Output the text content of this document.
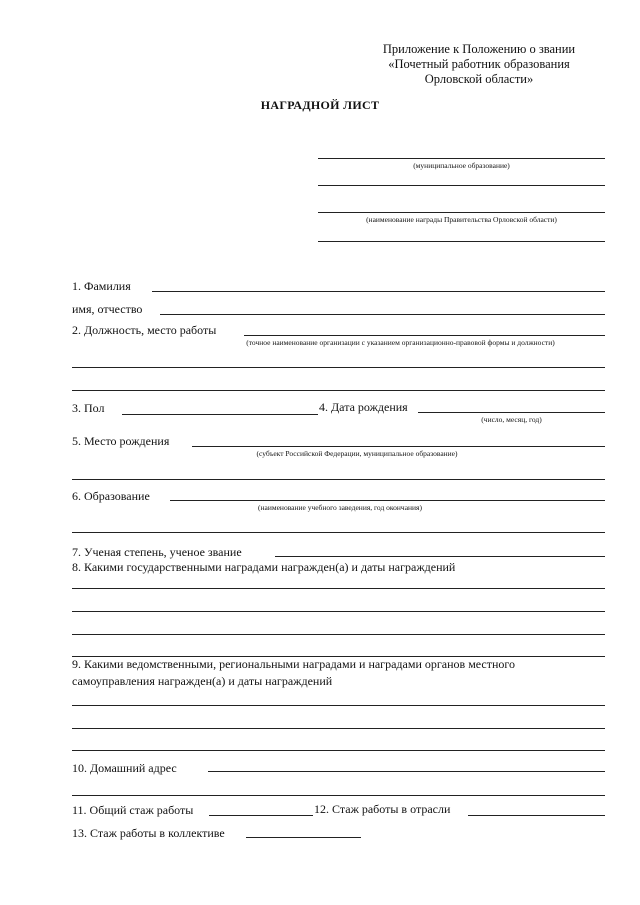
Приложение к Положению о звании
«Почетный работник образования
Орловской области»
НАГРАДНОЙ ЛИСТ
(муниципальное образование)
(наименование награды Правительства Орловской области)
1. Фамилия
имя, отчество
2. Должность, место работы
(точное наименование организации с указанием организационно-правовой формы и должности)
3. Пол	4. Дата рождения
(число, месяц, год)
5. Место рождения
(субъект Российской Федерации, муниципальное образование)
6. Образование
(наименование учебного заведения, год окончания)
7. Ученая степень, ученое звание
8. Какими государственными наградами награжден(а) и даты награждений
9. Какими ведомственными, региональными наградами и наградами органов местного
самоуправления награжден(а) и даты награждений
10. Домашний адрес
11. Общий стаж работы	12. Стаж работы в отрасли
13. Стаж работы в коллективе
